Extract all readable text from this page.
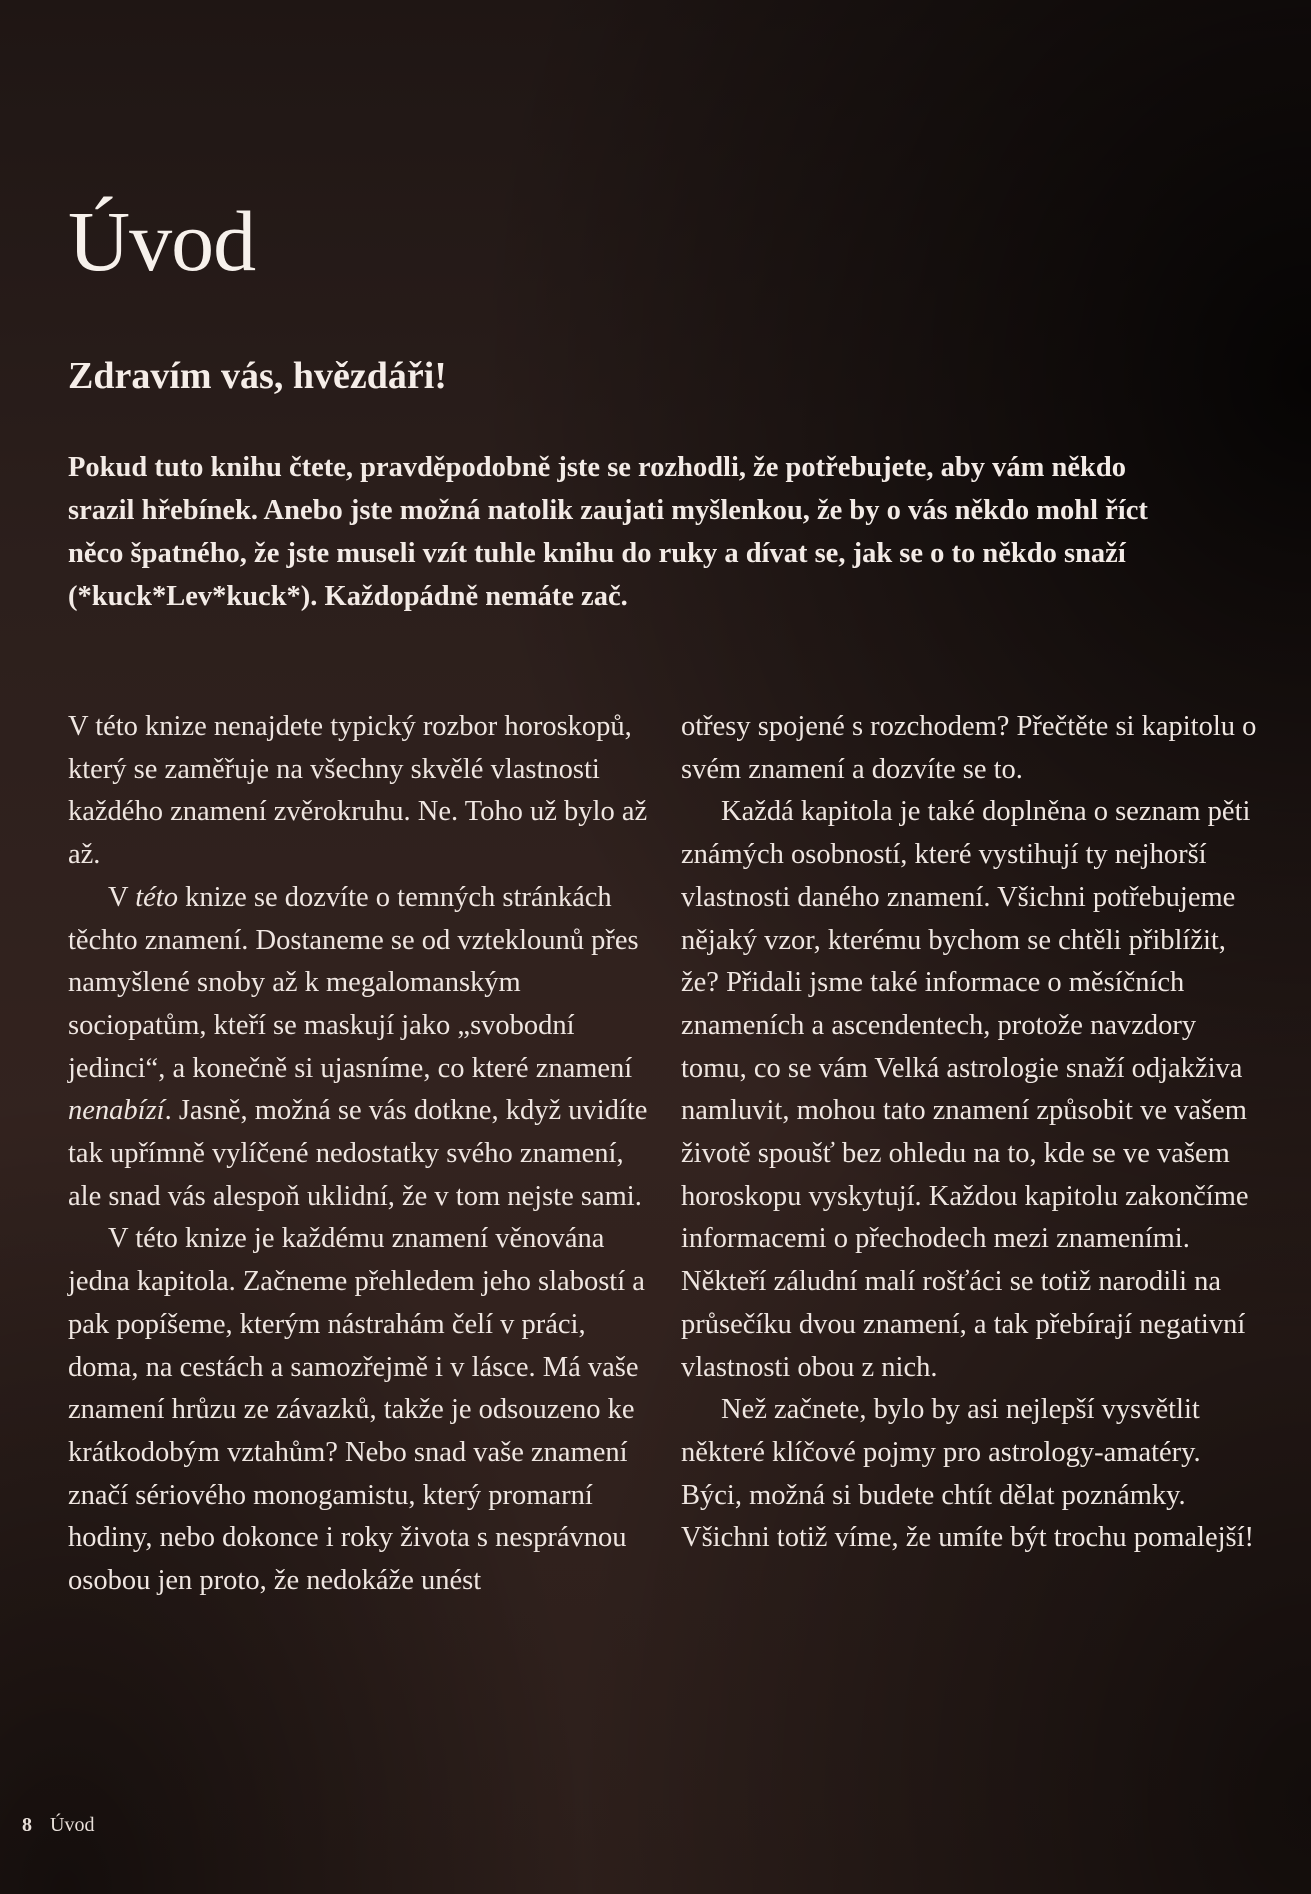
Úvod
Zdravím vás, hvězdáři!

Pokud tuto knihu čtete, pravděpodobně jste se rozhodli, že potřebujete, aby vám někdo srazil hřebínek. Anebo jste možná natolik zaujati myšlenkou, že by o vás někdo mohl říct něco špatného, že jste museli vzít tuhle knihu do ruky a dívat se, jak se o to někdo snaží (*kuck*Lev*kuck*). Každopádně nemáte zač.

V této knize nenajdete typický rozbor horoskopů, který se zaměřuje na všechny skvělé vlastnosti každého znamení zvěrokruhu. Ne. Toho už bylo až až.

V této knize se dozvíte o temných stránkách těchto znamení. Dostaneme se od vzteklounů přes namyšlené snoby až k megalomanským sociopatům, kteří se maskují jako „svobodní jedinci“, a konečně si ujasníme, co které znamení nenabízí. Jasně, možná se vás dotkne, když uvidíte tak upřímně vylíčené nedostatky svého znamení, ale snad vás alespoň uklidní, že v tom nejste sami.

V této knize je každému znamení věnována jedna kapitola. Začneme přehledem jeho slabostí a pak popíšeme, kterým nástrahám čelí v práci, doma, na cestách a samozřejmě i v lásce. Má vaše znamení hrůzu ze závazků, takže je odsouzeno ke krátkodobým vztahům? Nebo snad vaše znamení značí sériového monogamistu, který promarní hodiny, nebo dokonce i roky života s nesprávnou osobou jen proto, že nedokáže unést

otřesy spojené s rozchodem? Přečtěte si kapitolu o svém znamení a dozvíte se to.

Každá kapitola je také doplněna o seznam pěti známých osobností, které vystihují ty nejhorší vlastnosti daného znamení. Všichni potřebujeme nějaký vzor, kterému bychom se chtěli přiblížit, že? Přidali jsme také informace o měsíčních znameních a ascendentech, protože navzdory tomu, co se vám Velká astrologie snaží odjakživa namluvit, mohou tato znamení způsobit ve vašem životě spoušť bez ohledu na to, kde se ve vašem horoskopu vyskytují. Každou kapitolu zakončíme informacemi o přechodech mezi znameními. Někteří záludní malí rošťáci se totiž narodili na průsečíku dvou znamení, a tak přebírají negativní vlastnosti obou z nich.

Než začnete, bylo by asi nejlepší vysvětlit některé klíčové pojmy pro astrology-amatéry. Býci, možná si budete chtít dělat poznámky. Všichni totiž víme, že umíte být trochu pomalejší!

8 Úvod
